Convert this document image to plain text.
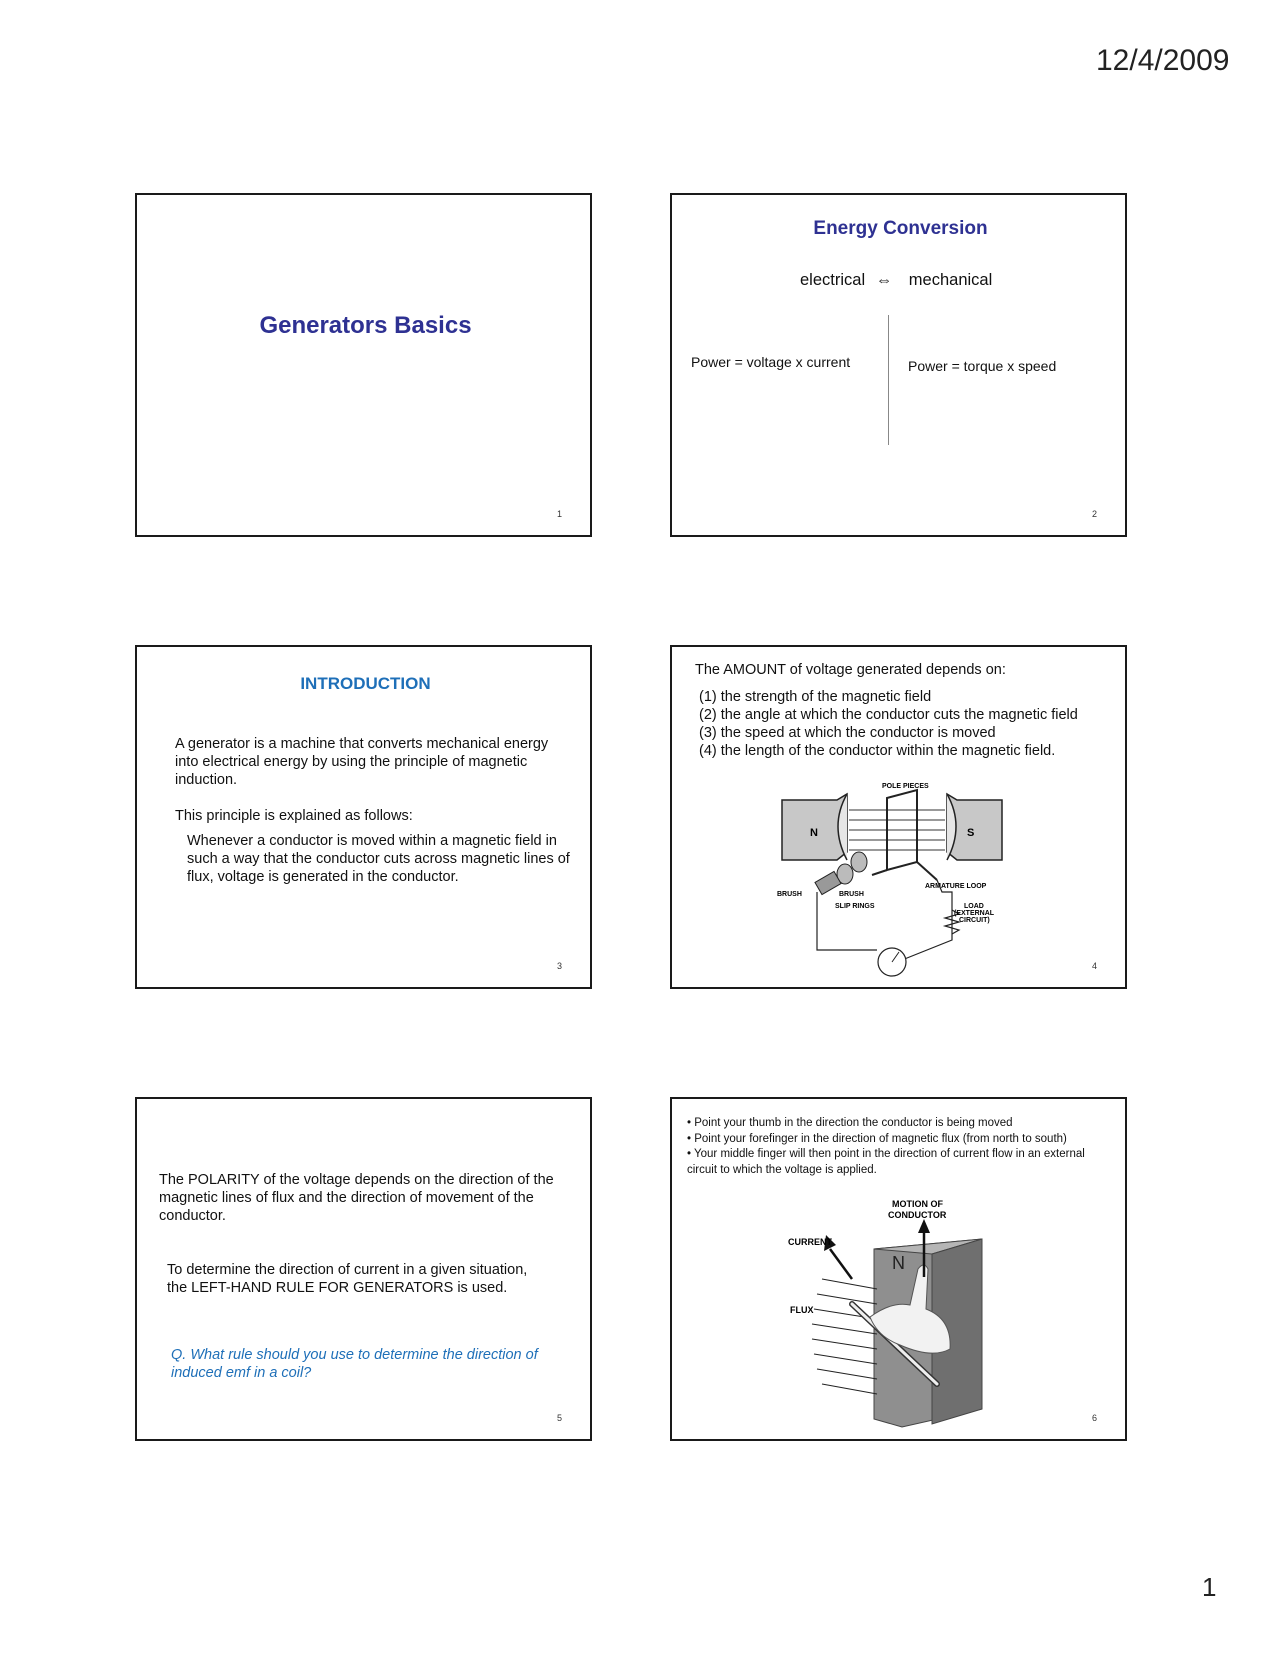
12/4/2009
Generators Basics
1
Energy Conversion
electrical ⇔ mechanical
Power = voltage x current	Power = torque x speed
2
INTRODUCTION
A generator is a machine that converts mechanical energy into electrical energy by using the principle of magnetic induction.
This principle is explained as follows:
Whenever a conductor is moved within a magnetic field in such a way that the conductor cuts across magnetic lines of flux, voltage is generated in the conductor.
3
The AMOUNT of voltage generated depends on:
(1) the strength of the magnetic field
(2) the angle at which the conductor cuts the magnetic field
(3) the speed at which the conductor is moved
(4) the length of the conductor within the magnetic field.
POLE PIECES
N	S
ARMATURE LOOP
BRUSH	BRUSH
SLIP RINGS	LOAD
(EXTERNAL
CIRCUIT)
4
The POLARITY of the voltage depends on the direction of the magnetic lines of flux and the direction of movement of the conductor.
To determine the direction of current in a given situation, the LEFT-HAND RULE FOR GENERATORS is used.
Q. What rule should you use to determine the direction of induced emf in a coil?
5
• Point your thumb in the direction the conductor is being moved
• Point your forefinger in the direction of magnetic flux (from north to south)
• Your middle finger will then point in the direction of current flow in an external circuit to which the voltage is applied.
MOTION OF
CONDUCTOR
CURRENT
FLUX
N
6
1
